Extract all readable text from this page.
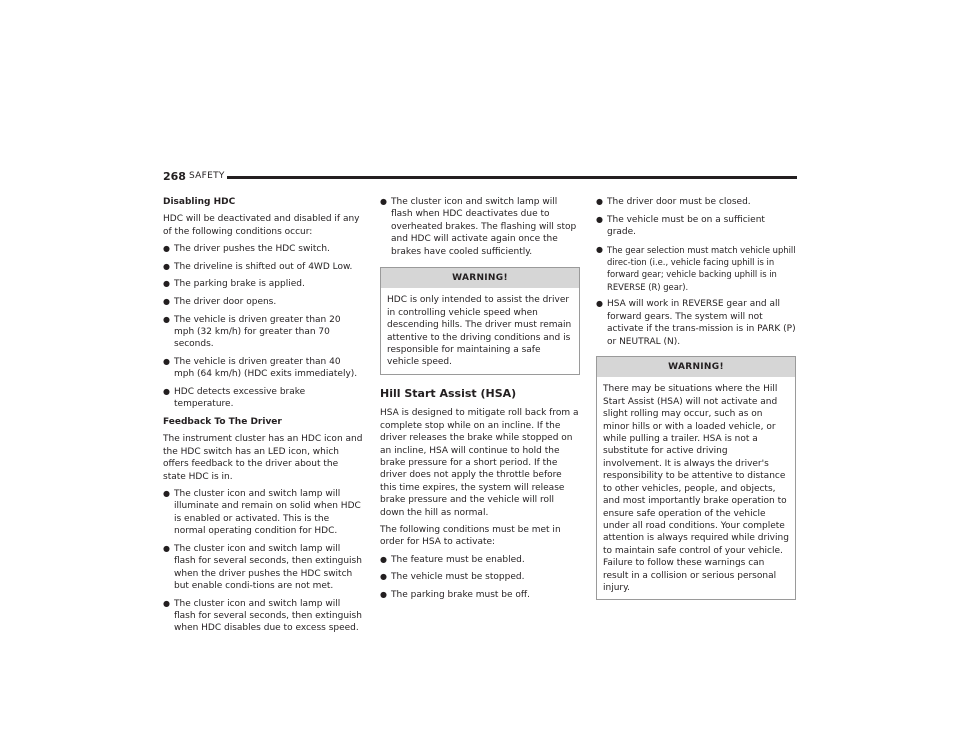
268 SAFETY

Disabling HDC

HDC will be deactivated and disabled if any of the following conditions occur:

● The driver pushes the HDC switch.
● The driveline is shifted out of 4WD Low.
● The parking brake is applied.
● The driver door opens.
● The vehicle is driven greater than 20 mph (32 km/h) for greater than 70 seconds.
● The vehicle is driven greater than 40 mph (64 km/h) (HDC exits immediately).
● HDC detects excessive brake temperature.

Feedback To The Driver

The instrument cluster has an HDC icon and the HDC switch has an LED icon, which offers feedback to the driver about the state HDC is in.

● The cluster icon and switch lamp will illuminate and remain on solid when HDC is enabled or activated. This is the normal operating condition for HDC.
● The cluster icon and switch lamp will flash for several seconds, then extinguish when the driver pushes the HDC switch but enable condi-tions are not met.
● The cluster icon and switch lamp will flash for several seconds, then extinguish when HDC disables due to excess speed.
● The cluster icon and switch lamp will flash when HDC deactivates due to overheated brakes. The flashing will stop and HDC will activate again once the brakes have cooled sufficiently.
WARNING!
HDC is only intended to assist the driver in controlling vehicle speed when descending hills. The driver must remain attentive to the driving conditions and is responsible for maintaining a safe vehicle speed.
Hill Start Assist (HSA)

HSA is designed to mitigate roll back from a complete stop while on an incline. If the driver releases the brake while stopped on an incline, HSA will continue to hold the brake pressure for a short period. If the driver does not apply the throttle before this time expires, the system will release brake pressure and the vehicle will roll down the hill as normal.

The following conditions must be met in order for HSA to activate:

● The feature must be enabled.
● The vehicle must be stopped.
● The parking brake must be off.
● The driver door must be closed.
● The vehicle must be on a sufficient grade.
● The gear selection must match vehicle uphill direc-tion (i.e., vehicle facing uphill is in forward gear; vehicle backing uphill is in REVERSE (R) gear).
● HSA will work in REVERSE gear and all forward gears. The system will not activate if the trans-mission is in PARK (P) or NEUTRAL (N).
WARNING!
There may be situations where the Hill Start Assist (HSA) will not activate and slight rolling may occur, such as on minor hills or with a loaded vehicle, or while pulling a trailer. HSA is not a substitute for active driving involvement. It is always the driver's responsibility to be attentive to distance to other vehicles, people, and objects, and most importantly brake operation to ensure safe operation of the vehicle under all road conditions. Your complete attention is always required while driving to maintain safe control of your vehicle. Failure to follow these warnings can result in a collision or serious personal injury.
